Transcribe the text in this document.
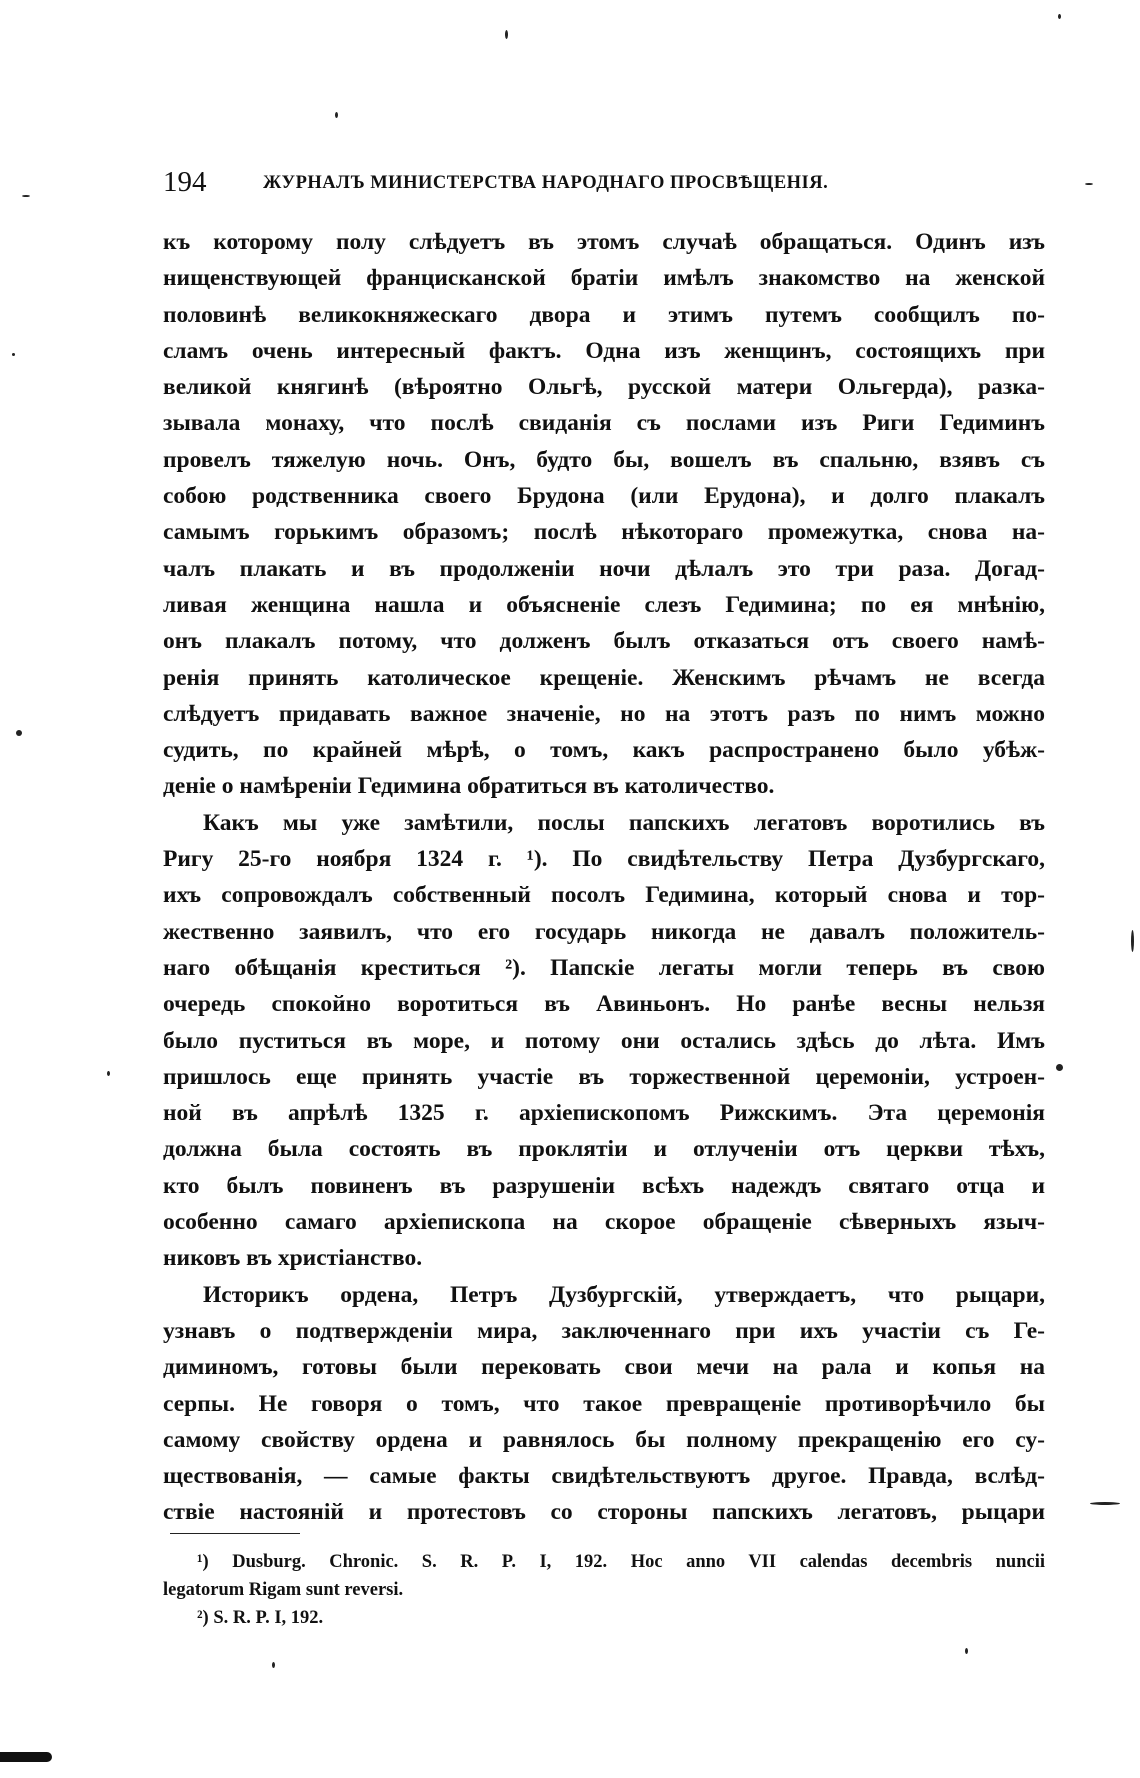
194	ЖУРНАЛЪ МИНИСТЕРСТВА НАРОДНАГО ПРОСВѢЩЕНІЯ.
къ которому полу слѣдуетъ въ этомъ случаѣ обращаться. Одинъ изъ
нищенствующей францисканской братіи имѣлъ знакомство на женской
половинѣ великокняжескаго двора и этимъ путемъ сообщилъ по-
сламъ очень интересный фактъ. Одна изъ женщинъ, состоящихъ при
великой княгинѣ (вѣроятно Ольгѣ, русской матери Ольгерда), разка-
зывала монаху, что послѣ свиданія съ послами изъ Риги Гедиминъ
провелъ тяжелую ночь. Онъ, будто бы, вошелъ въ спальню, взявъ съ
собою родственника своего Брудона (или Ерудона), и долго плакалъ
самымъ горькимъ образомъ; послѣ нѣкотораго промежутка, снова на-
чалъ плакать и въ продолженіи ночи дѣлалъ это три раза. Догад-
ливая женщина нашла и объясненіе слезъ Гедимина; по ея мнѣнію,
онъ плакалъ потому, что долженъ былъ отказаться отъ своего намѣ-
ренія принять католическое крещеніе. Женскимъ рѣчамъ не всегда
слѣдуетъ придавать важное значеніе, но на этотъ разъ по нимъ можно
судить, по крайней мѣрѣ, о томъ, какъ распространено было убѣж-
деніе о намѣреніи Гедимина обратиться въ католичество.
Какъ мы уже замѣтили, послы папскихъ легатовъ воротились въ
Ригу 25-го ноября 1324 г. ¹). По свидѣтельству Петра Дузбургскаго,
ихъ сопровождалъ собственный посолъ Гедимина, который снова и тор-
жественно заявилъ, что его государь никогда не давалъ положитель-
наго обѣщанія креститься ²). Папскіе легаты могли теперь въ свою
очередь спокойно воротиться въ Авиньонъ. Но ранѣе весны нельзя
было пуститься въ море, и потому они остались здѣсь до лѣта. Имъ
пришлось еще принять участіе въ торжественной церемоніи, устроен-
ной въ апрѣлѣ 1325 г. архіепископомъ Рижскимъ. Эта церемонія
должна была состоять въ проклятіи и отлученіи отъ церкви тѣхъ,
кто былъ повиненъ въ разрушеніи всѣхъ надеждъ святаго отца и
особенно самаго архіепископа на скорое обращеніе сѣверныхъ языч-
никовъ въ христіанство.
Историкъ ордена, Петръ Дузбургскій, утверждаетъ, что рыцари,
узнавъ о подтвержденіи мира, заключеннаго при ихъ участіи съ Ге-
диминомъ, готовы были перековать свои мечи на рала и копья на
серпы. Не говоря о томъ, что такое превращеніе противорѣчило бы
самому свойству ордена и равнялось бы полному прекращенію его су-
ществованія, — самые факты свидѣтельствуютъ другое. Правда, вслѣд-
ствіе настояній и протестовъ со стороны папскихъ легатовъ, рыцари
¹) Dusburg. Chronic. S. R. P. I, 192. Hoc anno VII calendas decembris nuncii
legatorum Rigam sunt reversi.
²) S. R. P. I, 192.
